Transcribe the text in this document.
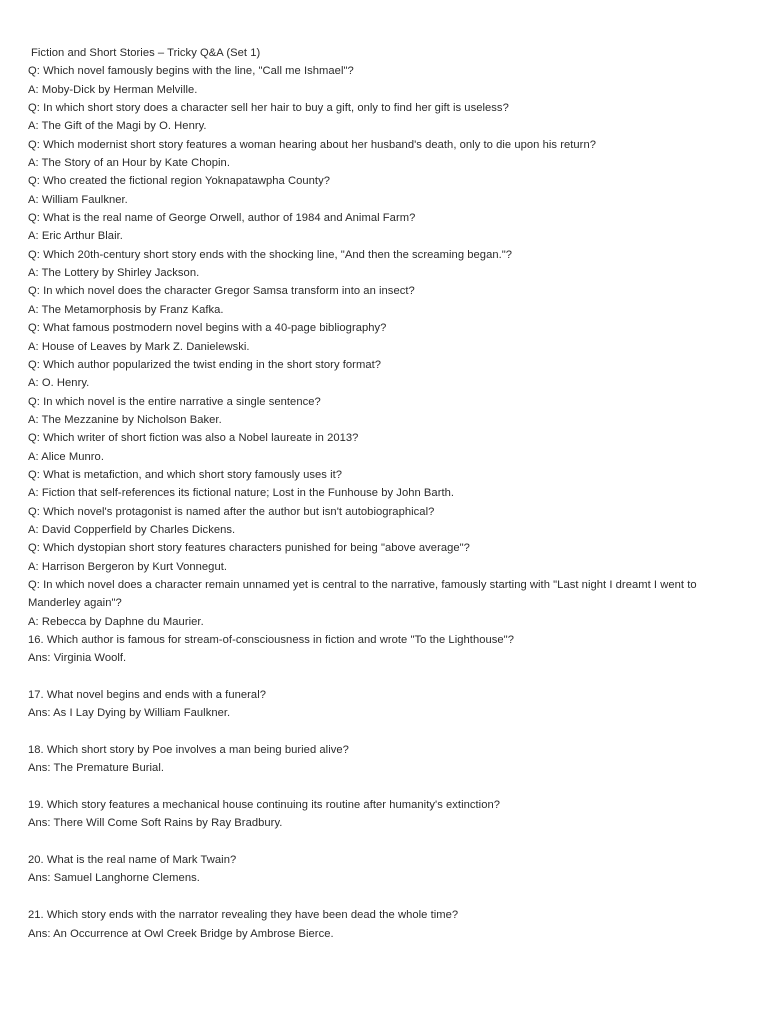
Fiction and Short Stories – Tricky Q&A (Set 1)
Q: Which novel famously begins with the line, "Call me Ishmael"?
A: Moby-Dick by Herman Melville.
Q: In which short story does a character sell her hair to buy a gift, only to find her gift is useless?
A: The Gift of the Magi by O. Henry.
Q: Which modernist short story features a woman hearing about her husband's death, only to die upon his return?
A: The Story of an Hour by Kate Chopin.
Q: Who created the fictional region Yoknapatawpha County?
A: William Faulkner.
Q: What is the real name of George Orwell, author of 1984 and Animal Farm?
A: Eric Arthur Blair.
Q: Which 20th-century short story ends with the shocking line, "And then the screaming began."?
A: The Lottery by Shirley Jackson.
Q: In which novel does the character Gregor Samsa transform into an insect?
A: The Metamorphosis by Franz Kafka.
Q: What famous postmodern novel begins with a 40-page bibliography?
A: House of Leaves by Mark Z. Danielewski.
Q: Which author popularized the twist ending in the short story format?
A: O. Henry.
Q: In which novel is the entire narrative a single sentence?
A: The Mezzanine by Nicholson Baker.
Q: Which writer of short fiction was also a Nobel laureate in 2013?
A: Alice Munro.
Q: What is metafiction, and which short story famously uses it?
A: Fiction that self-references its fictional nature; Lost in the Funhouse by John Barth.
Q: Which novel's protagonist is named after the author but isn't autobiographical?
A: David Copperfield by Charles Dickens.
Q: Which dystopian short story features characters punished for being "above average"?
A: Harrison Bergeron by Kurt Vonnegut.
Q: In which novel does a character remain unnamed yet is central to the narrative, famously starting with "Last night I dreamt I went to Manderley again"?
A: Rebecca by Daphne du Maurier.
16. Which author is famous for stream-of-consciousness in fiction and wrote "To the Lighthouse"?
Ans: Virginia Woolf.
17. What novel begins and ends with a funeral?
Ans: As I Lay Dying by William Faulkner.
18. Which short story by Poe involves a man being buried alive?
Ans: The Premature Burial.
19. Which story features a mechanical house continuing its routine after humanity's extinction?
Ans: There Will Come Soft Rains by Ray Bradbury.
20. What is the real name of Mark Twain?
Ans: Samuel Langhorne Clemens.
21. Which story ends with the narrator revealing they have been dead the whole time?
Ans: An Occurrence at Owl Creek Bridge by Ambrose Bierce.
